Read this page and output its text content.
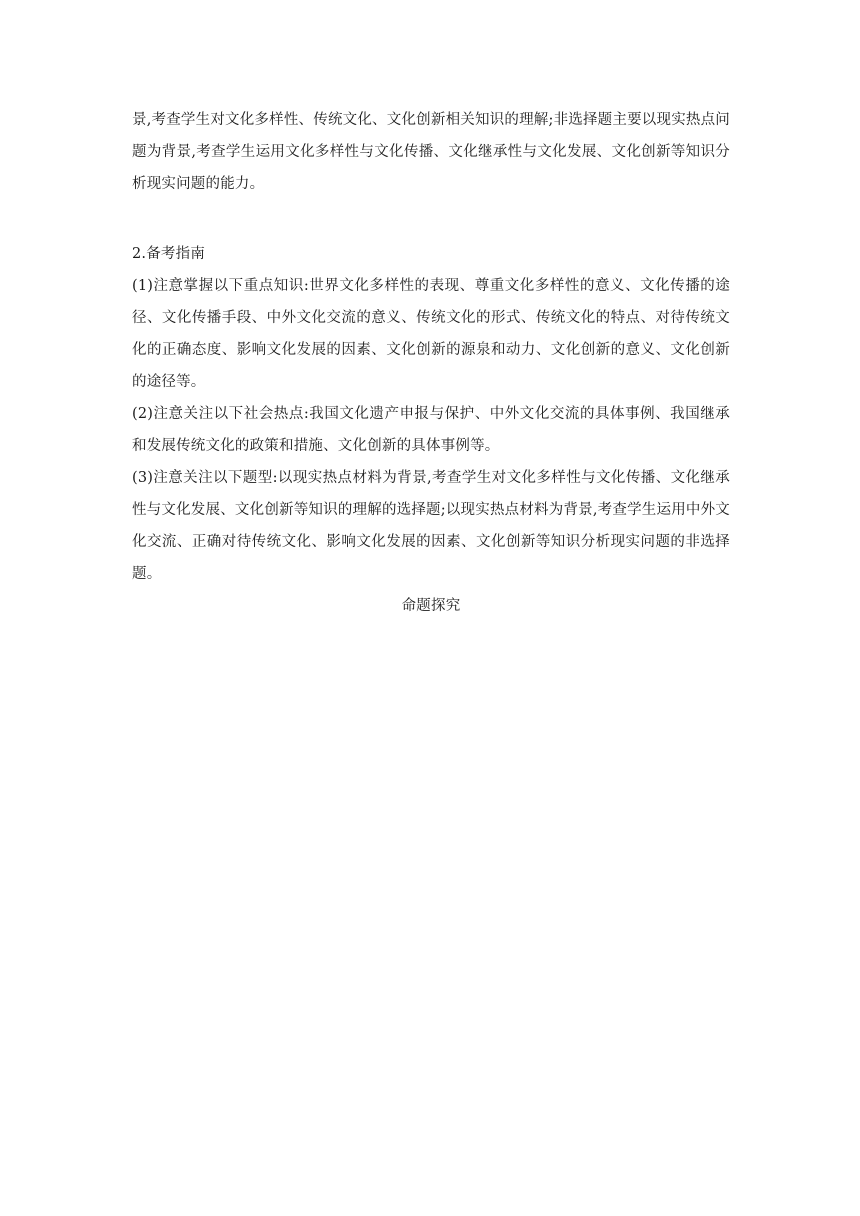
景,考查学生对文化多样性、传统文化、文化创新相关知识的理解;非选择题主要以现实热点问题为背景,考查学生运用文化多样性与文化传播、文化继承性与文化发展、文化创新等知识分析现实问题的能力。

2.备考指南

(1)注意掌握以下重点知识:世界文化多样性的表现、尊重文化多样性的意义、文化传播的途径、文化传播手段、中外文化交流的意义、传统文化的形式、传统文化的特点、对待传统文化的正确态度、影响文化发展的因素、文化创新的源泉和动力、文化创新的意义、文化创新的途径等。

(2)注意关注以下社会热点:我国文化遗产申报与保护、中外文化交流的具体事例、我国继承和发展传统文化的政策和措施、文化创新的具体事例等。

(3)注意关注以下题型:以现实热点材料为背景,考查学生对文化多样性与文化传播、文化继承性与文化发展、文化创新等知识的理解的选择题;以现实热点材料为背景,考查学生运用中外文化交流、正确对待传统文化、影响文化发展的因素、文化创新等知识分析现实问题的非选择题。

命题探究
